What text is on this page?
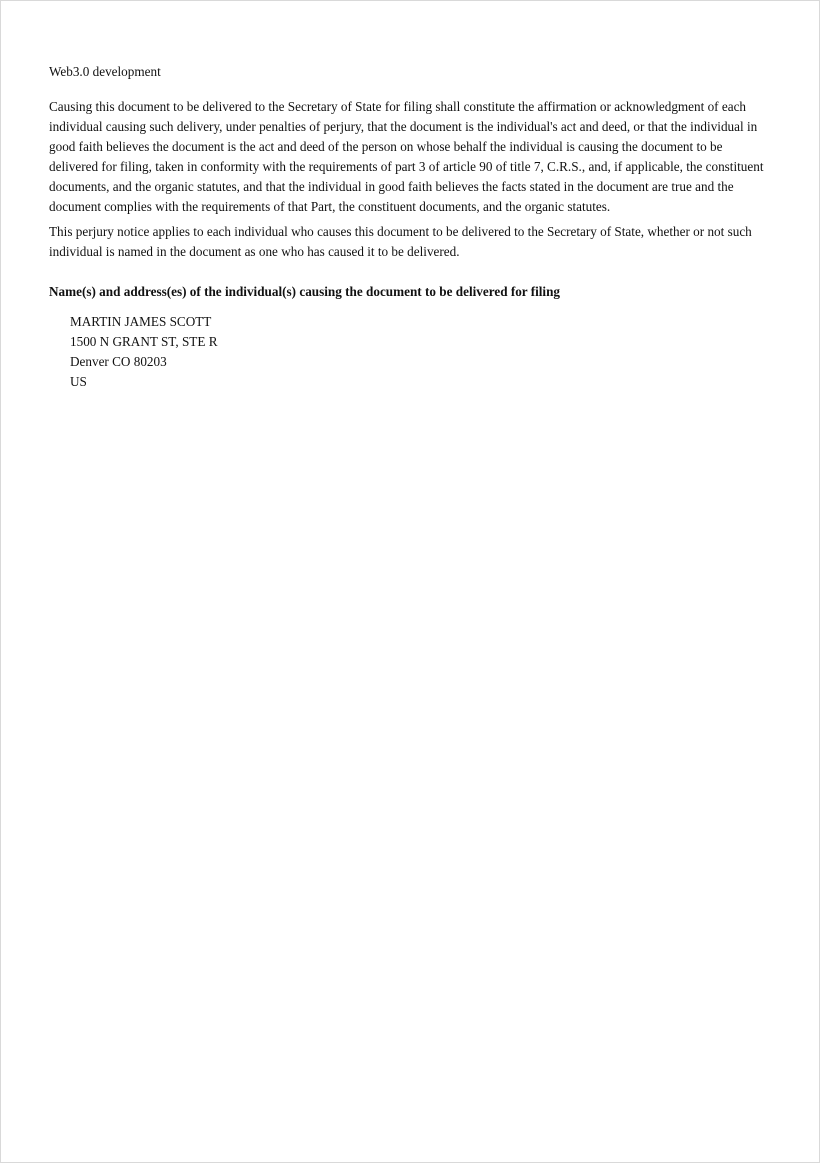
Web3.0 development

Causing this document to be delivered to the Secretary of State for filing shall constitute the affirmation or acknowledgment of each individual causing such delivery, under penalties of perjury, that the document is the individual's act and deed, or that the individual in good faith believes the document is the act and deed of the person on whose behalf the individual is causing the document to be delivered for filing, taken in conformity with the requirements of part 3 of article 90 of title 7, C.R.S., and, if applicable, the constituent documents, and the organic statutes, and that the individual in good faith believes the facts stated in the document are true and the document complies with the requirements of that Part, the constituent documents, and the organic statutes.

This perjury notice applies to each individual who causes this document to be delivered to the Secretary of State, whether or not such individual is named in the document as one who has caused it to be delivered.

Name(s) and address(es) of the individual(s) causing the document to be delivered for filing
MARTIN JAMES SCOTT
1500 N GRANT ST, STE R
Denver CO 80203
US
